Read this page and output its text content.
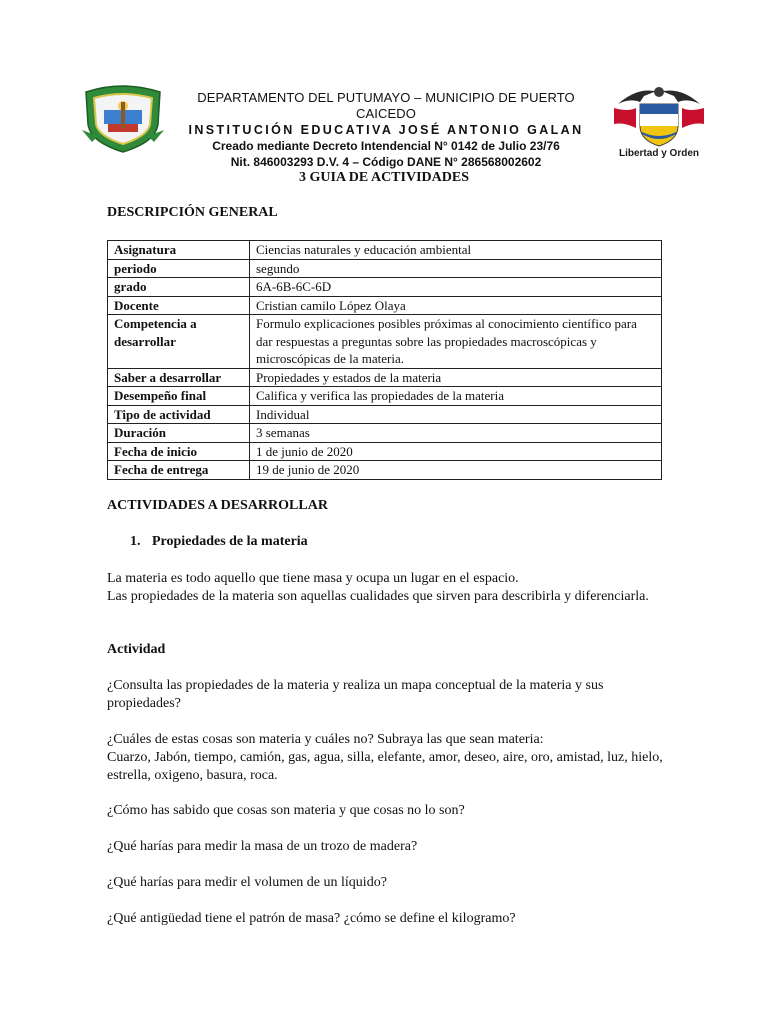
DEPARTAMENTO DEL PUTUMAYO – MUNICIPIO DE PUERTO CAICEDO
INSTITUCIÓN EDUCATIVA JOSÉ ANTONIO GALAN
Creado mediante Decreto Intendencial N° 0142 de Julio 23/76
Nit. 846003293 D.V. 4 – Código DANE N° 286568002602
Libertad y Orden
3 GUIA DE ACTIVIDADES
DESCRIPCIÓN GENERAL
Asignatura	Ciencias naturales y educación ambiental
periodo	segundo
grado	6A-6B-6C-6D
Docente	Cristian camilo López Olaya
Competencia a desarrollar	Formulo explicaciones posibles próximas al conocimiento científico para dar respuestas a preguntas sobre las propiedades macroscópicas y microscópicas de la materia.
Saber a desarrollar	Propiedades y estados de la materia
Desempeño final	Califica y verifica las propiedades de la materia
Tipo de actividad	Individual
Duración	3 semanas
Fecha de inicio	1 de junio de 2020
Fecha de entrega	19 de junio de 2020
ACTIVIDADES A DESARROLLAR
1. Propiedades de la materia
La materia es todo aquello que tiene masa y ocupa un lugar en el espacio.
Las propiedades de la materia son aquellas cualidades que sirven para describirla y diferenciarla.
Actividad
¿Consulta las propiedades de la materia y realiza un mapa conceptual de la materia y sus propiedades?
¿Cuáles de estas cosas son materia y cuáles no? Subraya las que sean materia:
Cuarzo, Jabón, tiempo, camión, gas, agua, silla, elefante, amor, deseo, aire, oro, amistad, luz, hielo, estrella, oxigeno, basura, roca.
¿Cómo has sabido que cosas son materia y que cosas no lo son?
¿Qué harías para medir la masa de un trozo de madera?
¿Qué harías para medir el volumen de un líquido?
¿Qué antigüedad tiene el patrón de masa? ¿cómo se define el kilogramo?
